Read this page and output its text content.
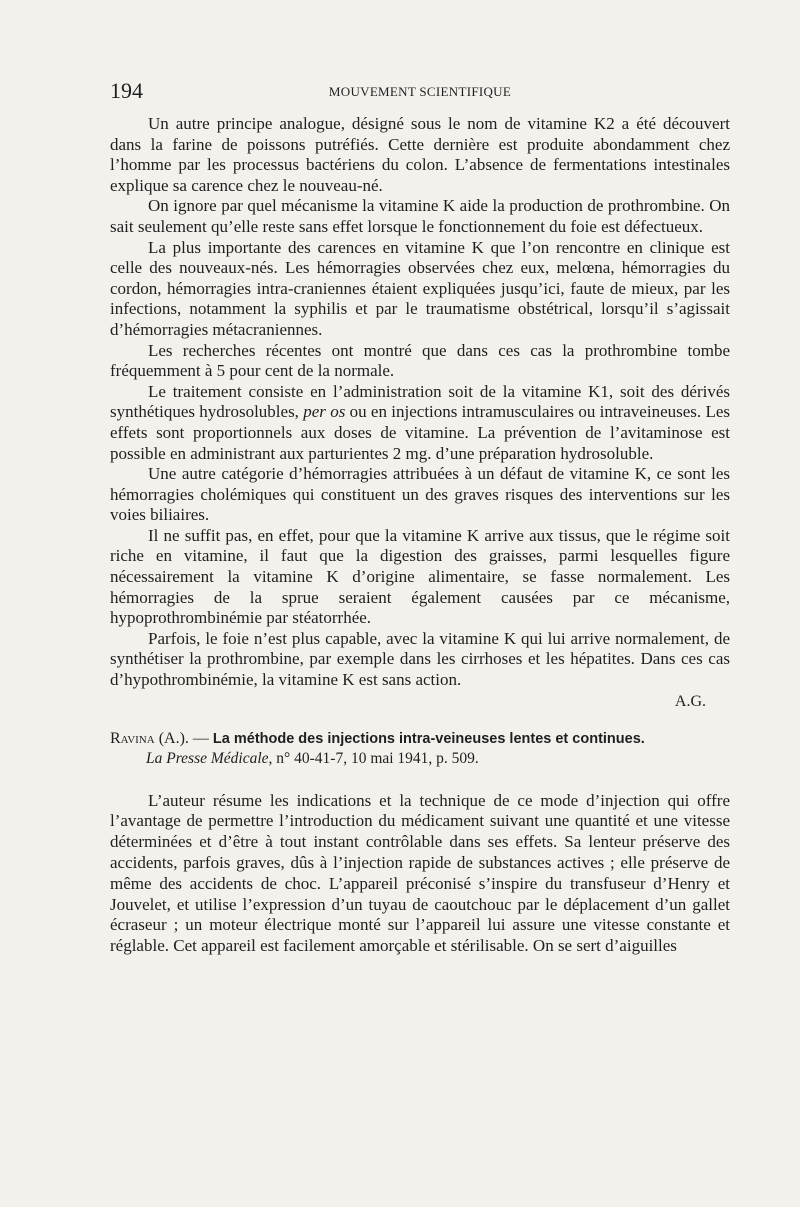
194	MOUVEMENT SCIENTIFIQUE

Un autre principe analogue, désigné sous le nom de vitamine K2 a été découvert dans la farine de poissons putréfiés. Cette dernière est produite abondamment chez l’homme par les processus bactériens du colon. L’absence de fermentations intestinales explique sa carence chez le nouveau-né.

On ignore par quel mécanisme la vitamine K aide la production de prothrombine. On sait seulement qu’elle reste sans effet lorsque le fonctionnement du foie est défectueux.

La plus importante des carences en vitamine K que l’on rencontre en clinique est celle des nouveaux-nés. Les hémorragies observées chez eux, melœna, hémorragies du cordon, hémorragies intra-craniennes étaient expliquées jusqu’ici, faute de mieux, par les infections, notamment la syphilis et par le traumatisme obstétrical, lorsqu’il s’agissait d’hémorragies métacraniennes.

Les recherches récentes ont montré que dans ces cas la prothrombine tombe fréquemment à 5 pour cent de la normale.

Le traitement consiste en l’administration soit de la vitamine K1, soit des dérivés synthétiques hydrosolubles, per os ou en injections intramusculaires ou intraveineuses. Les effets sont proportionnels aux doses de vitamine. La prévention de l’avitaminose est possible en administrant aux parturientes 2 mg. d’une préparation hydrosoluble.

Une autre catégorie d’hémorragies attribuées à un défaut de vitamine K, ce sont les hémorragies cholémiques qui constituent un des graves risques des interventions sur les voies biliaires.

Il ne suffit pas, en effet, pour que la vitamine K arrive aux tissus, que le régime soit riche en vitamine, il faut que la digestion des graisses, parmi lesquelles figure nécessairement la vitamine K d’origine alimentaire, se fasse normalement. Les hémorragies de la sprue seraient également causées par ce mécanisme, hypoprothrombinémie par stéatorrhée.

Parfois, le foie n’est plus capable, avec la vitamine K qui lui arrive normalement, de synthétiser la prothrombine, par exemple dans les cirrhoses et les hépatites. Dans ces cas d’hypothrombinémie, la vitamine K est sans action.

A.G.
Ravina (A.). — La méthode des injections intra-veineuses lentes et continues.
La Presse Médicale, n° 40-41-7, 10 mai 1941, p. 509.

L’auteur résume les indications et la technique de ce mode d’injection qui offre l’avantage de permettre l’introduction du médicament suivant une quantité et une vitesse déterminées et d’être à tout instant contrôlable dans ses effets. Sa lenteur préserve des accidents, parfois graves, dûs à l’injection rapide de substances actives ; elle préserve de même des accidents de choc. L’appareil préconisé s’inspire du transfuseur d’Henry et Jouvelet, et utilise l’expression d’un tuyau de caoutchouc par le déplacement d’un gallet écraseur ; un moteur électrique monté sur l’appareil lui assure une vitesse constante et réglable. Cet appareil est facilement amorçable et stérilisable. On se sert d’aiguilles
